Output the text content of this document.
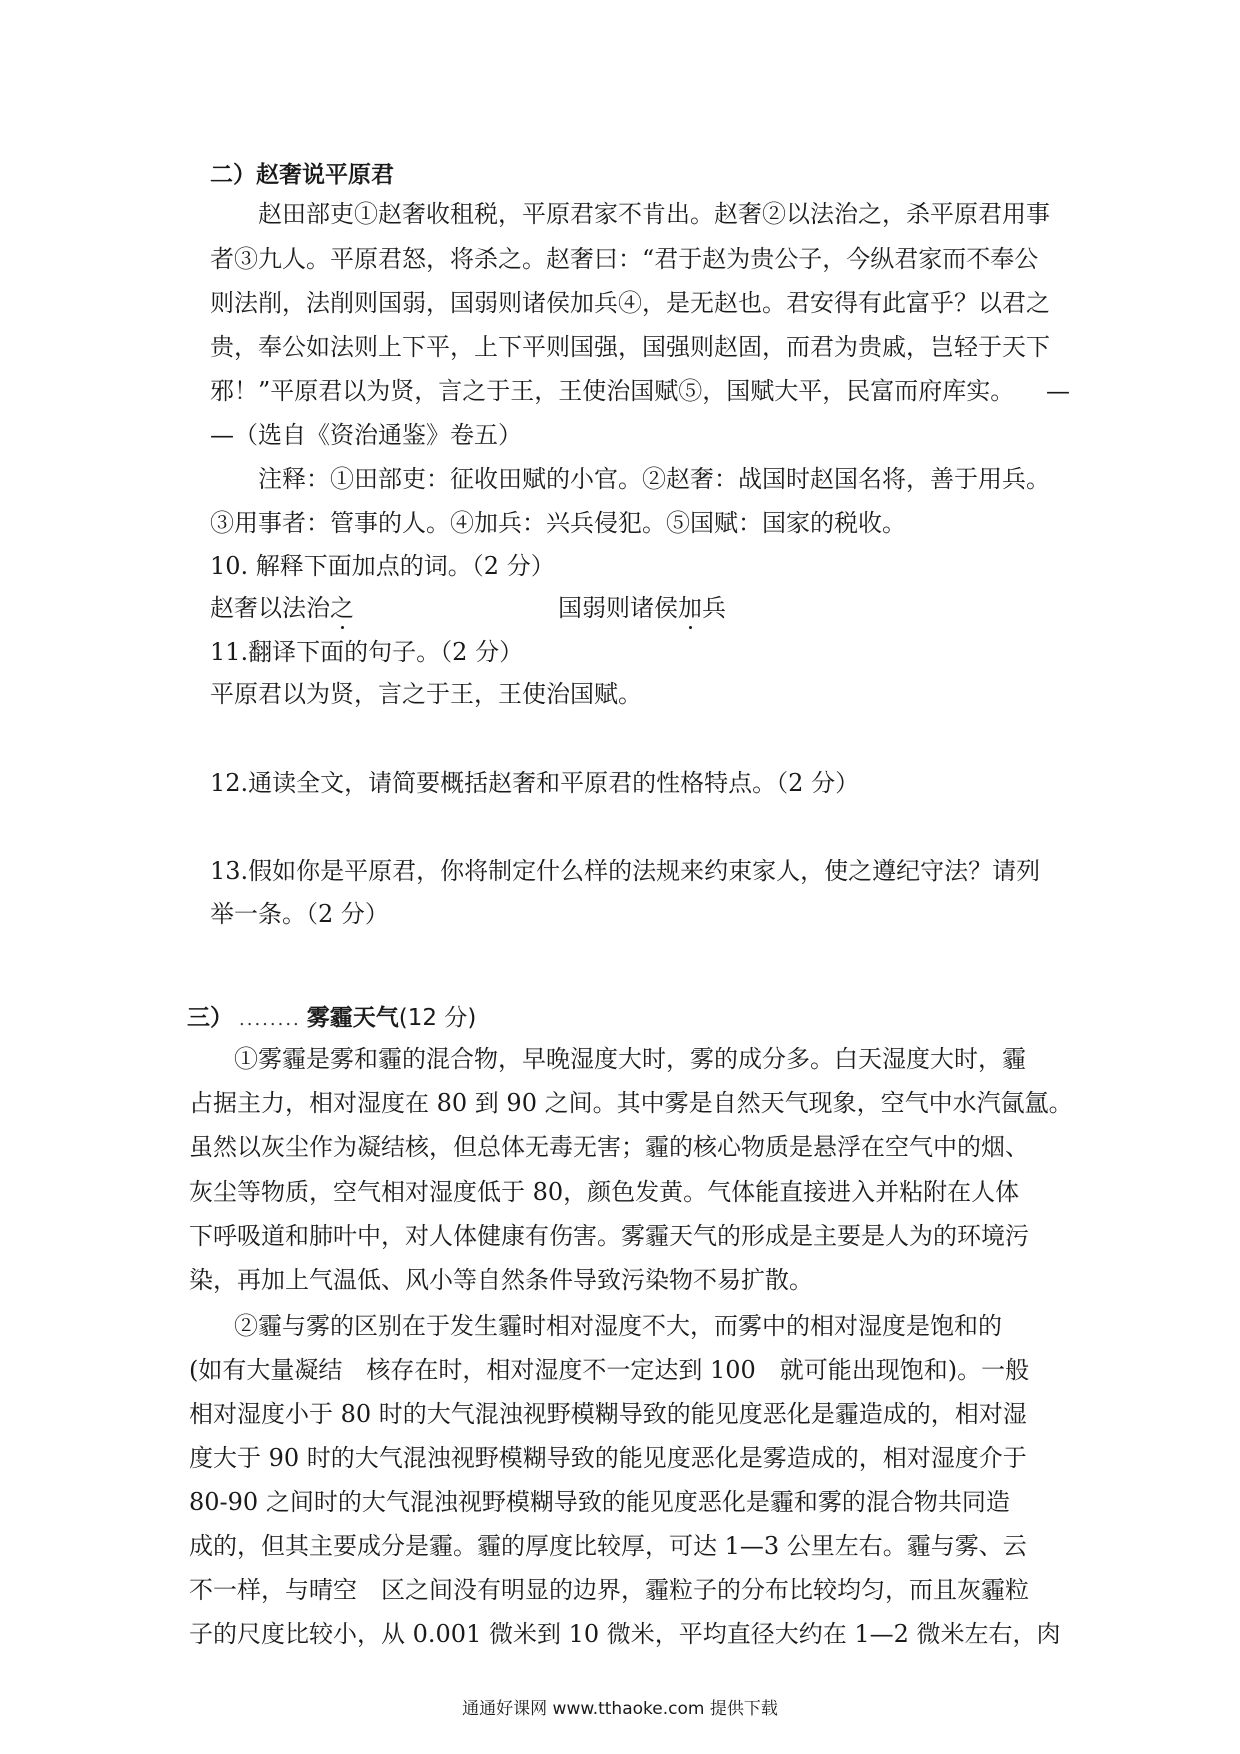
二）赵奢说平原君
赵田部吏①赵奢收租税，平原君家不肯出。赵奢②以法治之，杀平原君用事
者③九人。平原君怒，将杀之。赵奢曰：“君于赵为贵公子，今纵君家而不奉公
则法削，法削则国弱，国弱则诸侯加兵④，是无赵也。君安得有此富乎？以君之
贵，奉公如法则上下平，上下平则国强，国强则赵固，而君为贵戚，岂轻于天下
邪！”平原君以为贤，言之于王，王使治国赋⑤，国赋大平，民富而府库实。 —
—（选自《资治通鉴》卷五）
注释：①田部吏：征收田赋的小官。②赵奢：战国时赵国名将，善于用兵。
③用事者：管事的人。④加兵：兴兵侵犯。⑤国赋：国家的税收。
10. 解释下面加点的词。（2 分）
赵奢以法治之	国弱则诸侯加兵
11.翻译下面的句子。（2 分）
平原君以为贤，言之于王，王使治国赋。
12.通读全文，请简要概括赵奢和平原君的性格特点。（2 分）
13.假如你是平原君，你将制定什么样的法规来约束家人，使之遵纪守法？请列
举一条。（2 分）
三） ........ 雾霾天气(12 分)
①雾霾是雾和霾的混合物，早晚湿度大时，雾的成分多。白天湿度大时，霾
占据主力，相对湿度在 80 到 90 之间。其中雾是自然天气现象，空气中水汽氤氲。
虽然以灰尘作为凝结核，但总体无毒无害；霾的核心物质是悬浮在空气中的烟、
灰尘等物质，空气相对湿度低于 80，颜色发黄。气体能直接进入并粘附在人体
下呼吸道和肺叶中，对人体健康有伤害。雾霾天气的形成是主要是人为的环境污
染，再加上气温低、风小等自然条件导致污染物不易扩散。
②霾与雾的区别在于发生霾时相对湿度不大，而雾中的相对湿度是饱和的
(如有大量凝结　核存在时，相对湿度不一定达到 100　就可能出现饱和)。一般
相对湿度小于 80 时的大气混浊视野模糊导致的能见度恶化是霾造成的，相对湿
度大于 90 时的大气混浊视野模糊导致的能见度恶化是雾造成的，相对湿度介于
80-90 之间时的大气混浊视野模糊导致的能见度恶化是霾和雾的混合物共同造
成的，但其主要成分是霾。霾的厚度比较厚，可达 1—3 公里左右。霾与雾、云
不一样，与晴空　区之间没有明显的边界，霾粒子的分布比较均匀，而且灰霾粒
子的尺度比较小，从 0.001 微米到 10 微米，平均直径大约在 1—2 微米左右，肉
通通好课网 www.tthaoke.com 提供下载
